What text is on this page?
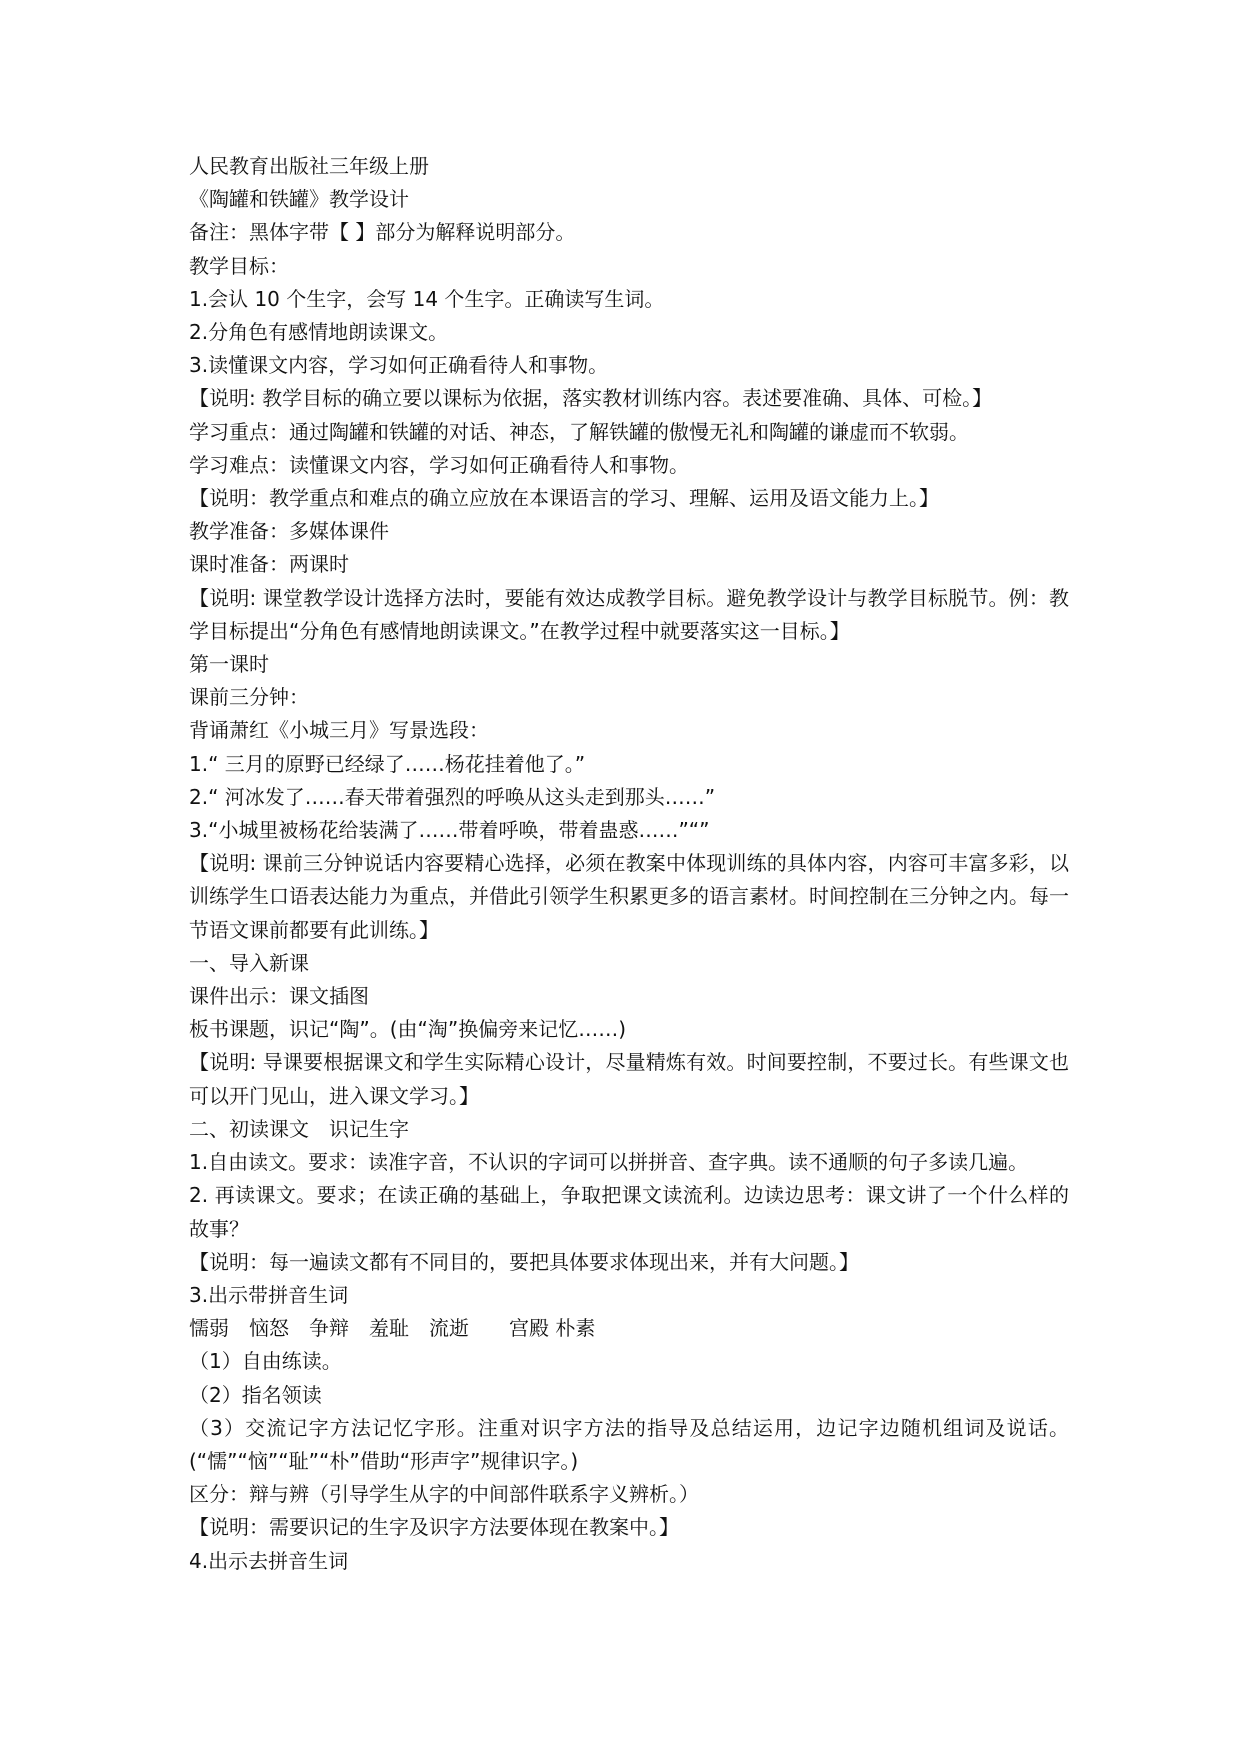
人民教育出版社三年级上册
《陶罐和铁罐》教学设计
备注：黑体字带【 】部分为解释说明部分。
教学目标：
1.会认 10 个生字，会写 14 个生字。正确读写生词。
2.分角色有感情地朗读课文。
3.读懂课文内容，学习如何正确看待人和事物。
【说明: 教学目标的确立要以课标为依据，落实教材训练内容。表述要准确、具体、可检。】
学习重点：通过陶罐和铁罐的对话、神态，了解铁罐的傲慢无礼和陶罐的谦虚而不软弱。
学习难点：读懂课文内容，学习如何正确看待人和事物。
【说明：教学重点和难点的确立应放在本课语言的学习、理解、运用及语文能力上。】
教学准备：多媒体课件
课时准备：两课时
【说明: 课堂教学设计选择方法时，要能有效达成教学目标。避免教学设计与教学目标脱节。例：教学目标提出“分角色有感情地朗读课文。”在教学过程中就要落实这一目标。】
第一课时
课前三分钟：
背诵萧红《小城三月》写景选段：
1.“ 三月的原野已经绿了……杨花挂着他了。”
2.“ 河冰发了……春天带着强烈的呼唤从这头走到那头……”
3.“小城里被杨花给装满了……带着呼唤，带着蛊惑……”“”
【说明: 课前三分钟说话内容要精心选择，必须在教案中体现训练的具体内容，内容可丰富多彩，以训练学生口语表达能力为重点，并借此引领学生积累更多的语言素材。时间控制在三分钟之内。每一节语文课前都要有此训练。】
一、导入新课
课件出示：课文插图
板书课题，识记“陶”。(由“淘”换偏旁来记忆……)
【说明: 导课要根据课文和学生实际精心设计，尽量精炼有效。时间要控制，不要过长。有些课文也可以开门见山，进入课文学习。】
二、初读课文　识记生字
1.自由读文。要求：读准字音，不认识的字词可以拼拼音、查字典。读不通顺的句子多读几遍。
2. 再读课文。要求；在读正确的基础上，争取把课文读流利。边读边思考：课文讲了一个什么样的故事？
【说明：每一遍读文都有不同目的，要把具体要求体现出来，并有大问题。】
3.出示带拼音生词
懦弱　恼怒　争辩　羞耻　流逝　　宫殿 朴素
（1）自由练读。
（2）指名领读
（3）交流记字方法记忆字形。注重对识字方法的指导及总结运用，边记字边随机组词及说话。(“懦”“恼”“耻”“朴”借助“形声字”规律识字。)
区分：辩与辨（引导学生从字的中间部件联系字义辨析。）
【说明：需要识记的生字及识字方法要体现在教案中。】
4.出示去拼音生词
